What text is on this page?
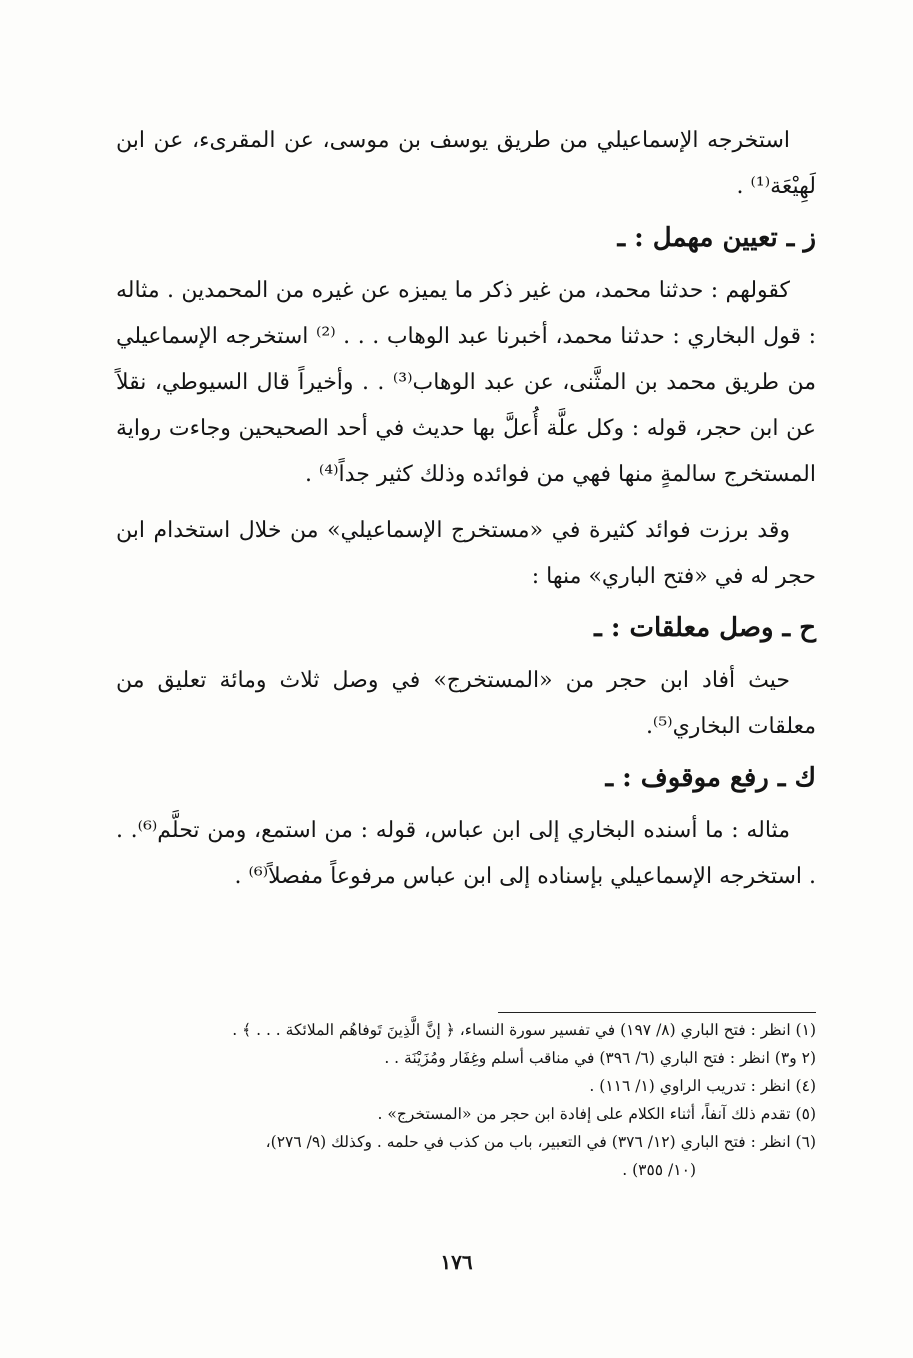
استخرجه الإسماعيلي من طريق يوسف بن موسى، عن المقرىء، عن ابن لَهِيْعَة⁽¹⁾ .

ز ـ تعيين مهمل : ـ

كقولهم : حدثنا محمد، من غير ذكر ما يميزه عن غيره من المحمدين . مثاله : قول البخاري : حدثنا محمد، أخبرنا عبد الوهاب . . . ⁽²⁾ استخرجه الإسماعيلي من طريق محمد بن المثَّنى، عن عبد الوهاب⁽³⁾ . . وأخيراً قال السيوطي، نقلاً عن ابن حجر، قوله : وكل علَّة أُعلَّ بها حديث في أحد الصحيحين وجاءت رواية المستخرج سالمةٍ منها فهي من فوائده وذلك كثير جداً⁽⁴⁾ .

وقد برزت فوائد كثيرة في «مستخرج الإسماعيلي» من خلال استخدام ابن حجر له في «فتح الباري» منها :

ح ـ وصل معلقات : ـ

حيث أفاد ابن حجر من «المستخرج» في وصل ثلاث ومائة تعليق من معلقات البخاري⁽⁵⁾.

ك ـ رفع موقوف : ـ

مثاله : ما أسنده البخاري إلى ابن عباس، قوله : من استمع، ومن تحلَّم⁽⁶⁾. . . استخرجه الإسماعيلي بإسناده إلى ابن عباس مرفوعاً مفصلاً⁽⁶⁾ .

(١) انظر : فتح الباري (٨/ ١٩٧) في تفسير سورة النساء، ﴿ إنَّ الَّذِينَ تَوفاهُم الملائكة . . . ﴾ .

(٢ و٣) انظر : فتح الباري (٦/ ٣٩٦) في مناقب أسلم وغِفَار ومُزَيْنَة . .

(٤) انظر : تدريب الراوي (١/ ١١٦) .

(٥) تقدم ذلك آنفاً، أثناء الكلام على إفادة ابن حجر من «المستخرج» .

(٦) انظر : فتح الباري (١٢/ ٣٧٦) في التعبير، باب من كذب في حلمه . وكذلك (٩/ ٢٧٦)،

(١٠/ ٣٥٥) .

١٧٦
